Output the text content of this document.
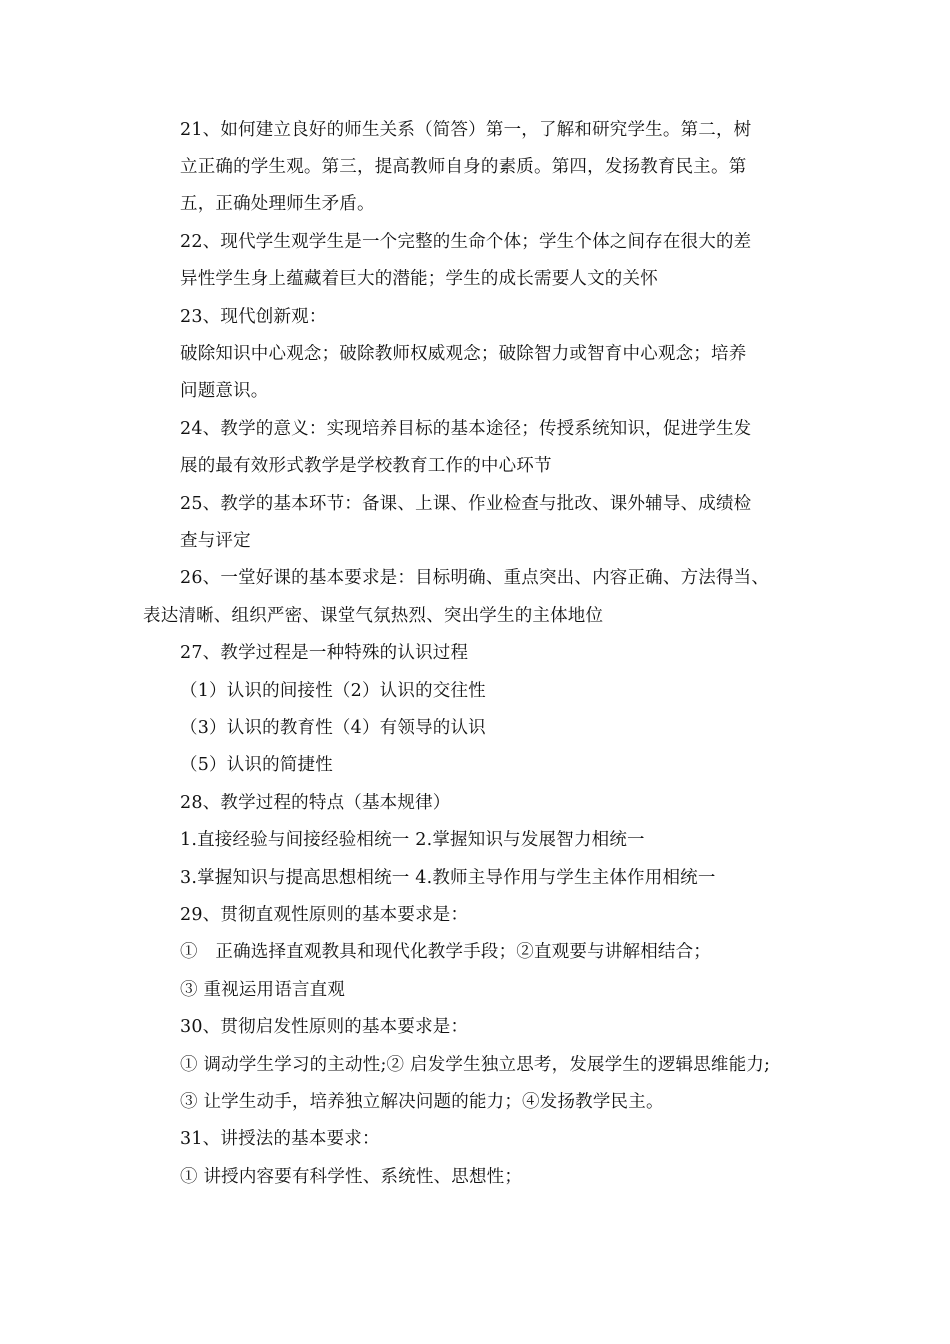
21、如何建立良好的师生关系（简答）第一，了解和研究学生。第二，树
立正确的学生观。第三，提高教师自身的素质。第四，发扬教育民主。第
五，正确处理师生矛盾。
22、现代学生观学生是一个完整的生命个体；学生个体之间存在很大的差
异性学生身上蕴藏着巨大的潜能；学生的成长需要人文的关怀
23、现代创新观：
破除知识中心观念；破除教师权威观念；破除智力或智育中心观念；培养
问题意识。
24、教学的意义：实现培养目标的基本途径；传授系统知识，促进学生发
展的最有效形式教学是学校教育工作的中心环节
25、教学的基本环节：备课、上课、作业检查与批改、课外辅导、成绩检
查与评定
26、一堂好课的基本要求是：目标明确、重点突出、内容正确、方法得当、
表达清晰、组织严密、课堂气氛热烈、突出学生的主体地位
27、教学过程是一种特殊的认识过程
（1）认识的间接性（2）认识的交往性
（3）认识的教育性（4）有领导的认识
（5）认识的简捷性
28、教学过程的特点（基本规律）
1.直接经验与间接经验相统一 2.掌握知识与发展智力相统一
3.掌握知识与提高思想相统一 4.教师主导作用与学生主体作用相统一
29、贯彻直观性原则的基本要求是：
①　正确选择直观教具和现代化教学手段；②直观要与讲解相结合；
③ 重视运用语言直观
30、贯彻启发性原则的基本要求是：
① 调动学生学习的主动性;② 启发学生独立思考，发展学生的逻辑思维能力;
③ 让学生动手，培养独立解决问题的能力；④发扬教学民主。
31、讲授法的基本要求：
① 讲授内容要有科学性、系统性、思想性；
